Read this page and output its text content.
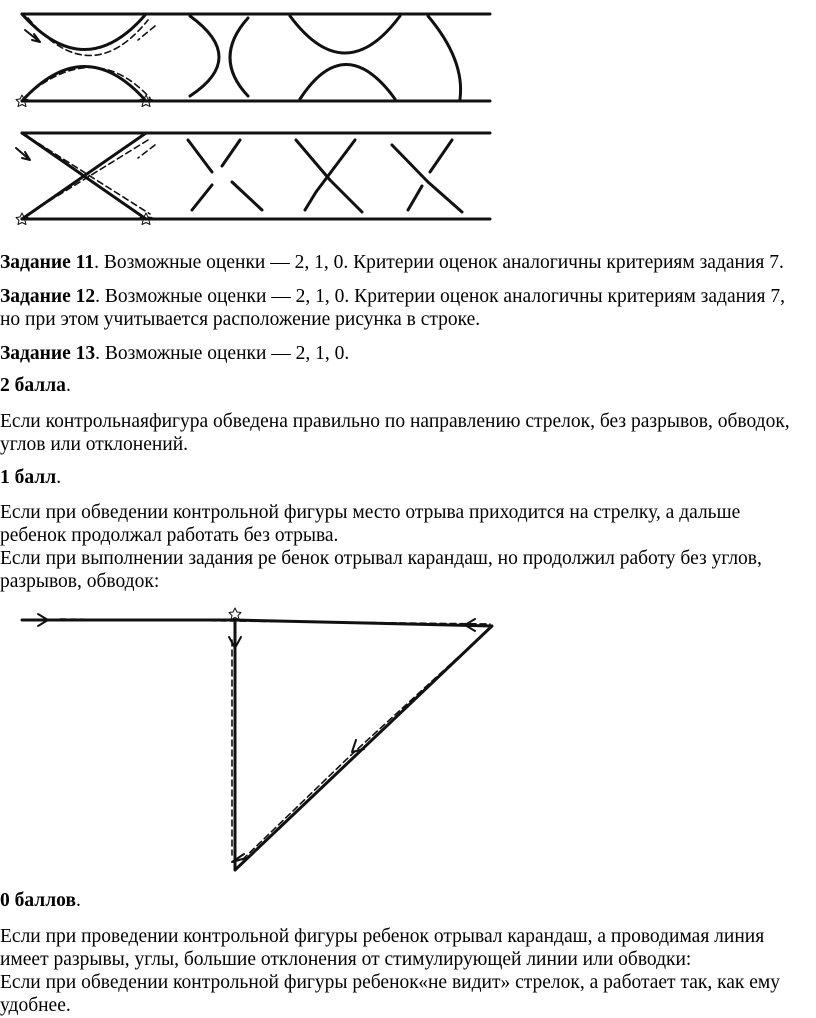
Задание 11. Возможные оценки — 2, 1, 0. Критерии оценок аналогичны критериям задания 7.

Задание 12. Возможные оценки — 2, 1, 0. Критерии оценок аналогичны критериям задания 7,

но при этом учитывается расположение рисунка в строке.

Задание 13. Возможные оценки — 2, 1, 0.

2 балла.

Если контрольнаяфигура обведена правильно по направлению стрелок, без разрывов, обводок,

углов или отклонений.

1 балл.

Если при обведении контрольной фигуры место отрыва приходится на стрелку, а дальше

ребенок продолжал работать без отрыва.

Если при выполнении задания ре бенок отрывал карандаш, но продолжил работу без углов,

разрывов, обводок:

0 баллов.

Если при проведении контрольной фигуры ребенок отрывал карандаш, а проводимая линия

имеет разрывы, углы, большие отклонения от стимулирующей линии или обводки:

Если при обведении контрольной фигуры ребенок«не видит» стрелок, а работает так, как ему

удобнее.
